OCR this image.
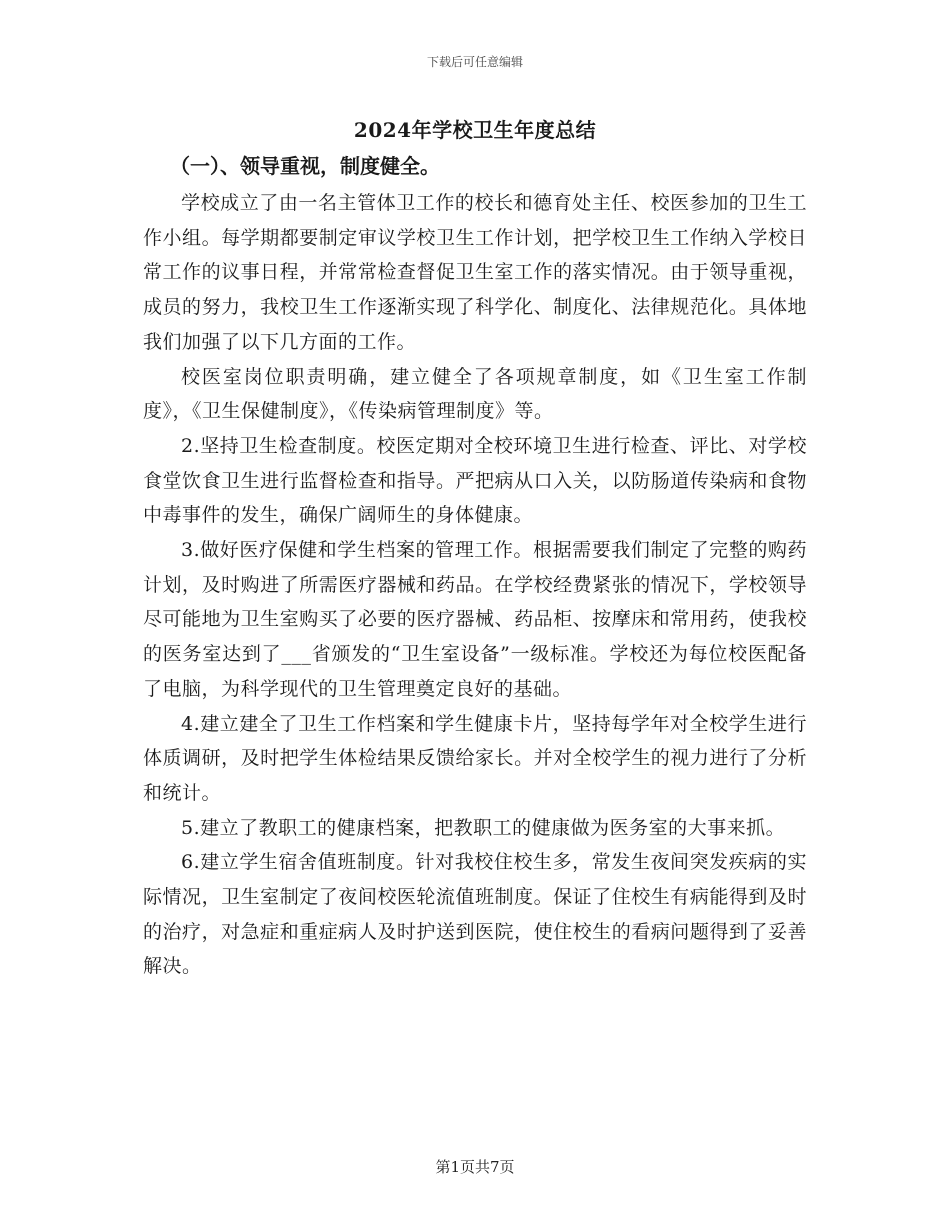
下载后可任意编辑
2024年学校卫生年度总结
（一）、领导重视，制度健全。

学校成立了由一名主管体卫工作的校长和德育处主任、校医参加的卫生工作小组。每学期都要制定审议学校卫生工作计划，把学校卫生工作纳入学校日常工作的议事日程，并常常检查督促卫生室工作的落实情况。由于领导重视，成员的努力，我校卫生工作逐渐实现了科学化、制度化、法律规范化。具体地我们加强了以下几方面的工作。

校医室岗位职责明确，建立健全了各项规章制度，如《卫生室工作制度》，《卫生保健制度》，《传染病管理制度》等。

2.坚持卫生检查制度。校医定期对全校环境卫生进行检查、评比、对学校食堂饮食卫生进行监督检查和指导。严把病从口入关，以防肠道传染病和食物中毒事件的发生，确保广阔师生的身体健康。

3.做好医疗保健和学生档案的管理工作。根据需要我们制定了完整的购药计划，及时购进了所需医疗器械和药品。在学校经费紧张的情况下，学校领导尽可能地为卫生室购买了必要的医疗器械、药品柜、按摩床和常用药，使我校的医务室达到了___省颁发的“卫生室设备”一级标准。学校还为每位校医配备了电脑，为科学现代的卫生管理奠定良好的基础。

4.建立建全了卫生工作档案和学生健康卡片，坚持每学年对全校学生进行体质调研，及时把学生体检结果反馈给家长。并对全校学生的视力进行了分析和统计。

5.建立了教职工的健康档案，把教职工的健康做为医务室的大事来抓。

6.建立学生宿舍值班制度。针对我校住校生多，常发生夜间突发疾病的实际情况，卫生室制定了夜间校医轮流值班制度。保证了住校生有病能得到及时的治疗，对急症和重症病人及时护送到医院，使住校生的看病问题得到了妥善解决。

第1页共7页
